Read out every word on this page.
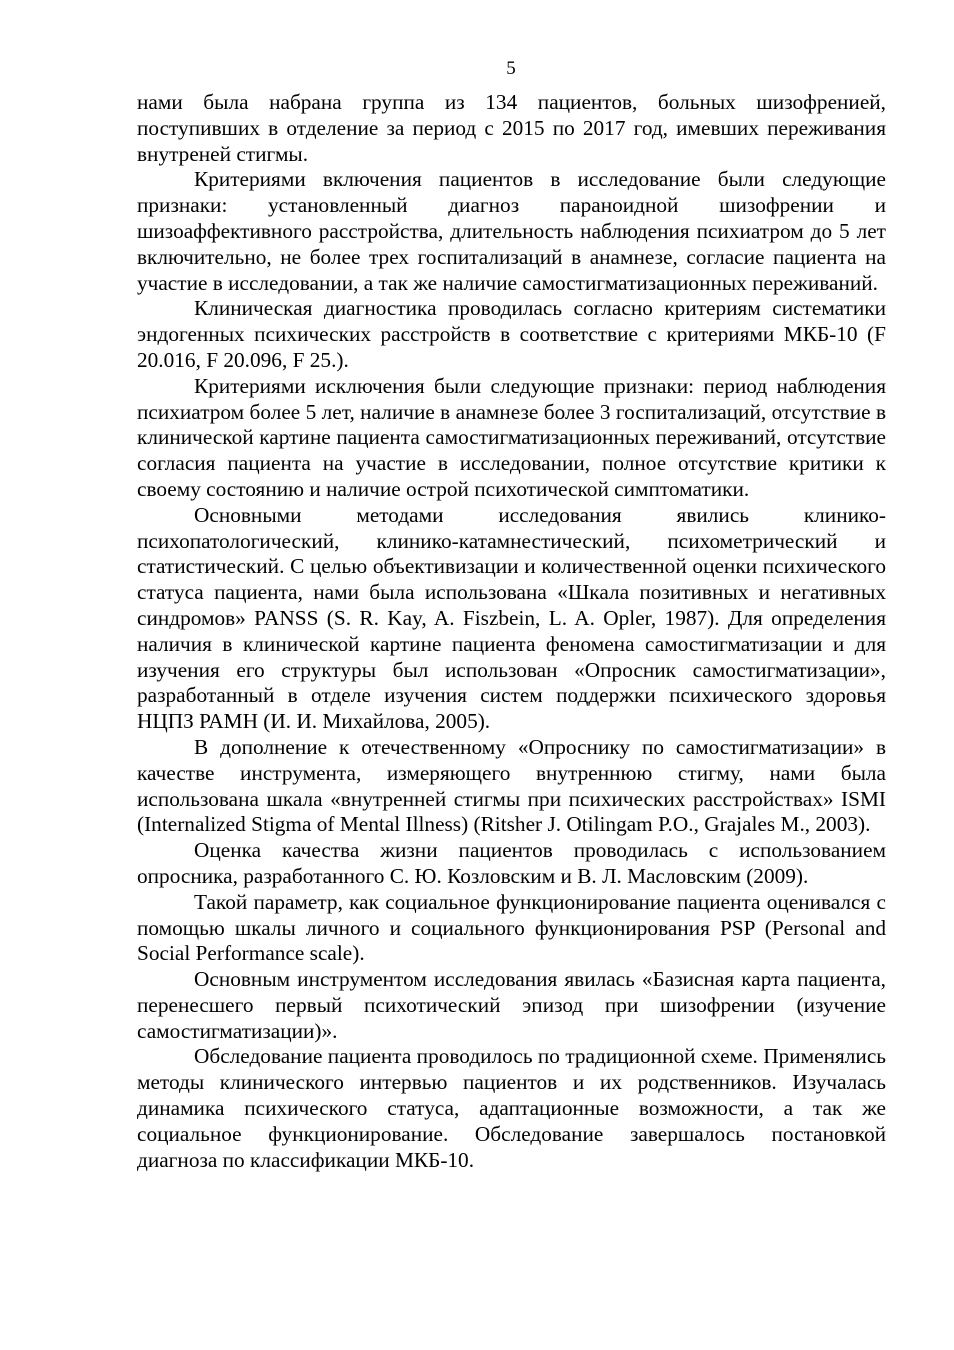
5

нами была набрана группа из 134 пациентов, больных шизофренией, поступивших в отделение за период с 2015 по 2017 год, имевших переживания внутреней стигмы.

Критериями включения пациентов в исследование были следующие признаки: установленный диагноз параноидной шизофрении и шизоаффективного расстройства, длительность наблюдения психиатром до 5 лет включительно, не более трех госпитализаций в анамнезе, согласие пациента на участие в исследовании, а так же наличие самостигматизационных переживаний.

Клиническая диагностика проводилась согласно критериям систематики эндогенных психических расстройств в соответствие с критериями МКБ-10 (F 20.016, F 20.096, F 25.).

Критериями исключения были следующие признаки: период наблюдения психиатром более 5 лет, наличие в анамнезе более 3 госпитализаций, отсутствие в клинической картине пациента самостигматизационных переживаний, отсутствие согласия пациента на участие в исследовании, полное отсутствие критики к своему состоянию и наличие острой психотической симптоматики.

Основными методами исследования явились клинико-психопатологический, клинико-катамнестический, психометрический и статистический. С целью объективизации и количественной оценки психического статуса пациента, нами была использована «Шкала позитивных и негативных синдромов» PANSS (S. R. Kay, A. Fiszbein, L. A. Opler, 1987). Для определения наличия в клинической картине пациента феномена самостигматизации и для изучения его структуры был использован «Опросник самостигматизации», разработанный в отделе изучения систем поддержки психического здоровья НЦПЗ РАМН (И. И. Михайлова, 2005).

В дополнение к отечественному «Опроснику по самостигматизации» в качестве инструмента, измеряющего внутреннюю стигму, нами была использована шкала «внутренней стигмы при психических расстройствах» ISMI (Internalized Stigma of Mental Illness) (Ritsher J. Otilingam P.O., Grajales M., 2003).

Оценка качества жизни пациентов проводилась с использованием опросника, разработанного С. Ю. Козловским и В. Л. Масловским (2009).

Такой параметр, как социальное функционирование пациента оценивался с помощью шкалы личного и социального функционирования PSP (Personal and Social Performance scale).

Основным инструментом исследования явилась «Базисная карта пациента, перенесшего первый психотический эпизод при шизофрении (изучение самостигматизации)».

Обследование пациента проводилось по традиционной схеме. Применялись методы клинического интервью пациентов и их родственников. Изучалась динамика психического статуса, адаптационные возможности, а так же социальное функционирование. Обследование завершалось постановкой диагноза по классификации МКБ-10.
